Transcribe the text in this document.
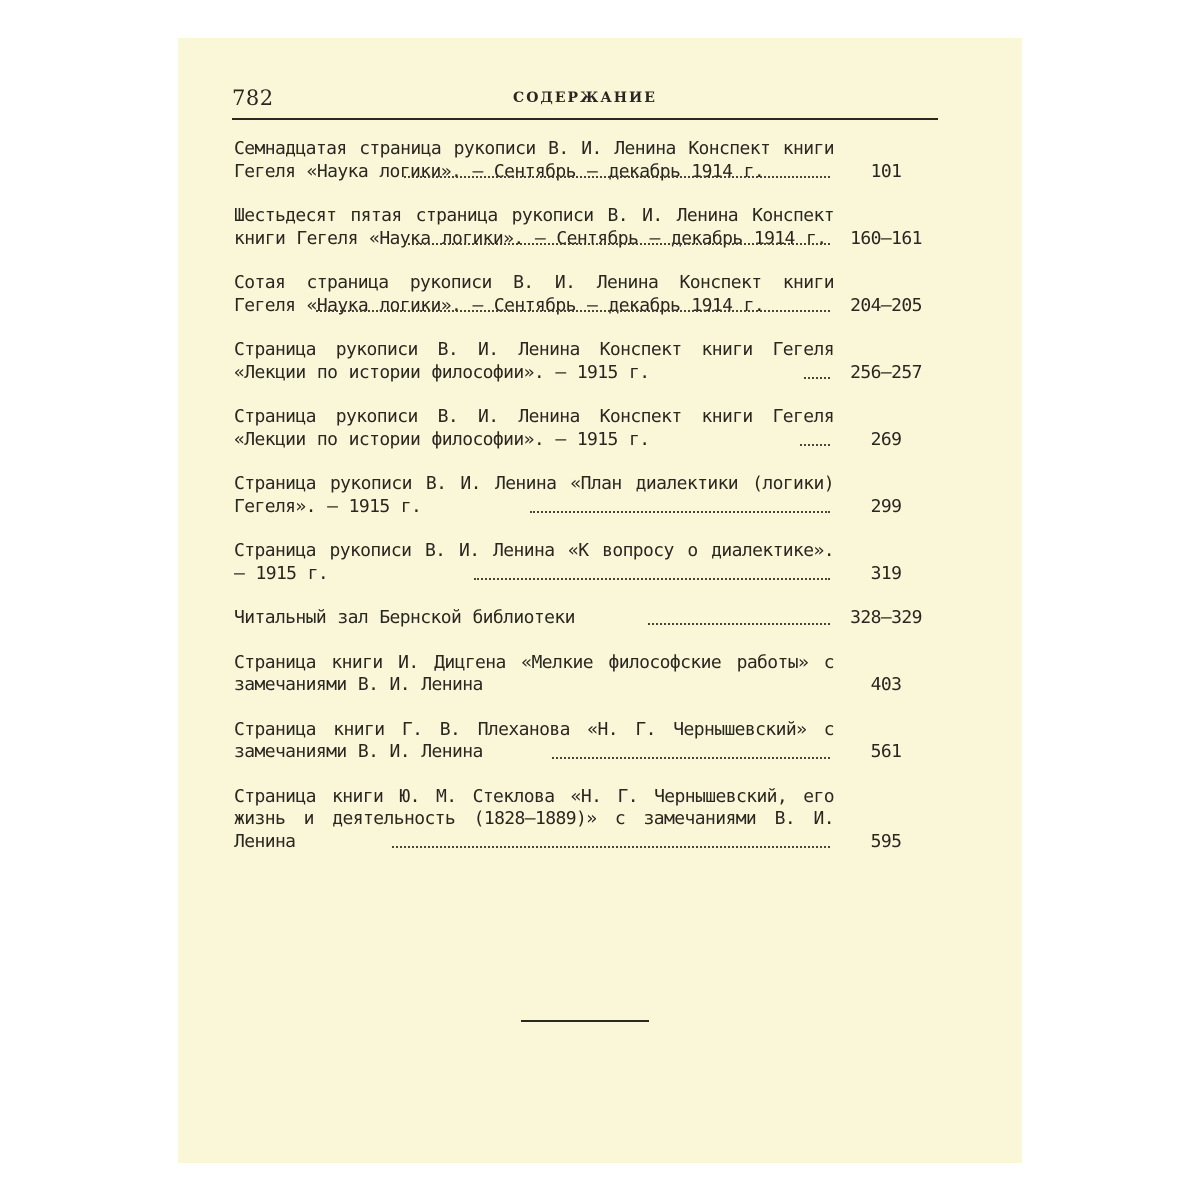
782	СОДЕРЖАНИЕ
Семнадцатая страница рукописи В. И. Ленина Конспект книги Гегеля «Наука логики». — Сентябрь — декабрь 1914 г.	101
Шестьдесят пятая страница рукописи В. И. Ленина Конспект книги Гегеля «Наука логики». — Сентябрь — декабрь 1914 г.	160—161
Сотая страница рукописи В. И. Ленина Конспект книги Гегеля «Наука логики». — Сентябрь — декабрь 1914 г.	204—205
Страница рукописи В. И. Ленина Конспект книги Гегеля «Лекции по истории философии». — 1915 г.	256—257
Страница рукописи В. И. Ленина Конспект книги Гегеля «Лекции по истории философии». — 1915 г.	269
Страница рукописи В. И. Ленина «План диалектики (логики) Гегеля». — 1915 г.	299
Страница рукописи В. И. Ленина «К вопросу о диалектике». — 1915 г.	319
Читальный зал Бернской библиотеки	328—329
Страница книги И. Дицгена «Мелкие философские работы» с замечаниями В. И. Ленина	403
Страница книги Г. В. Плеханова «Н. Г. Чернышевский» с замечаниями В. И. Ленина	561
Страница книги Ю. М. Стеклова «Н. Г. Чернышевский, его жизнь и деятельность (1828—1889)» с замечаниями В. И. Ленина	595
